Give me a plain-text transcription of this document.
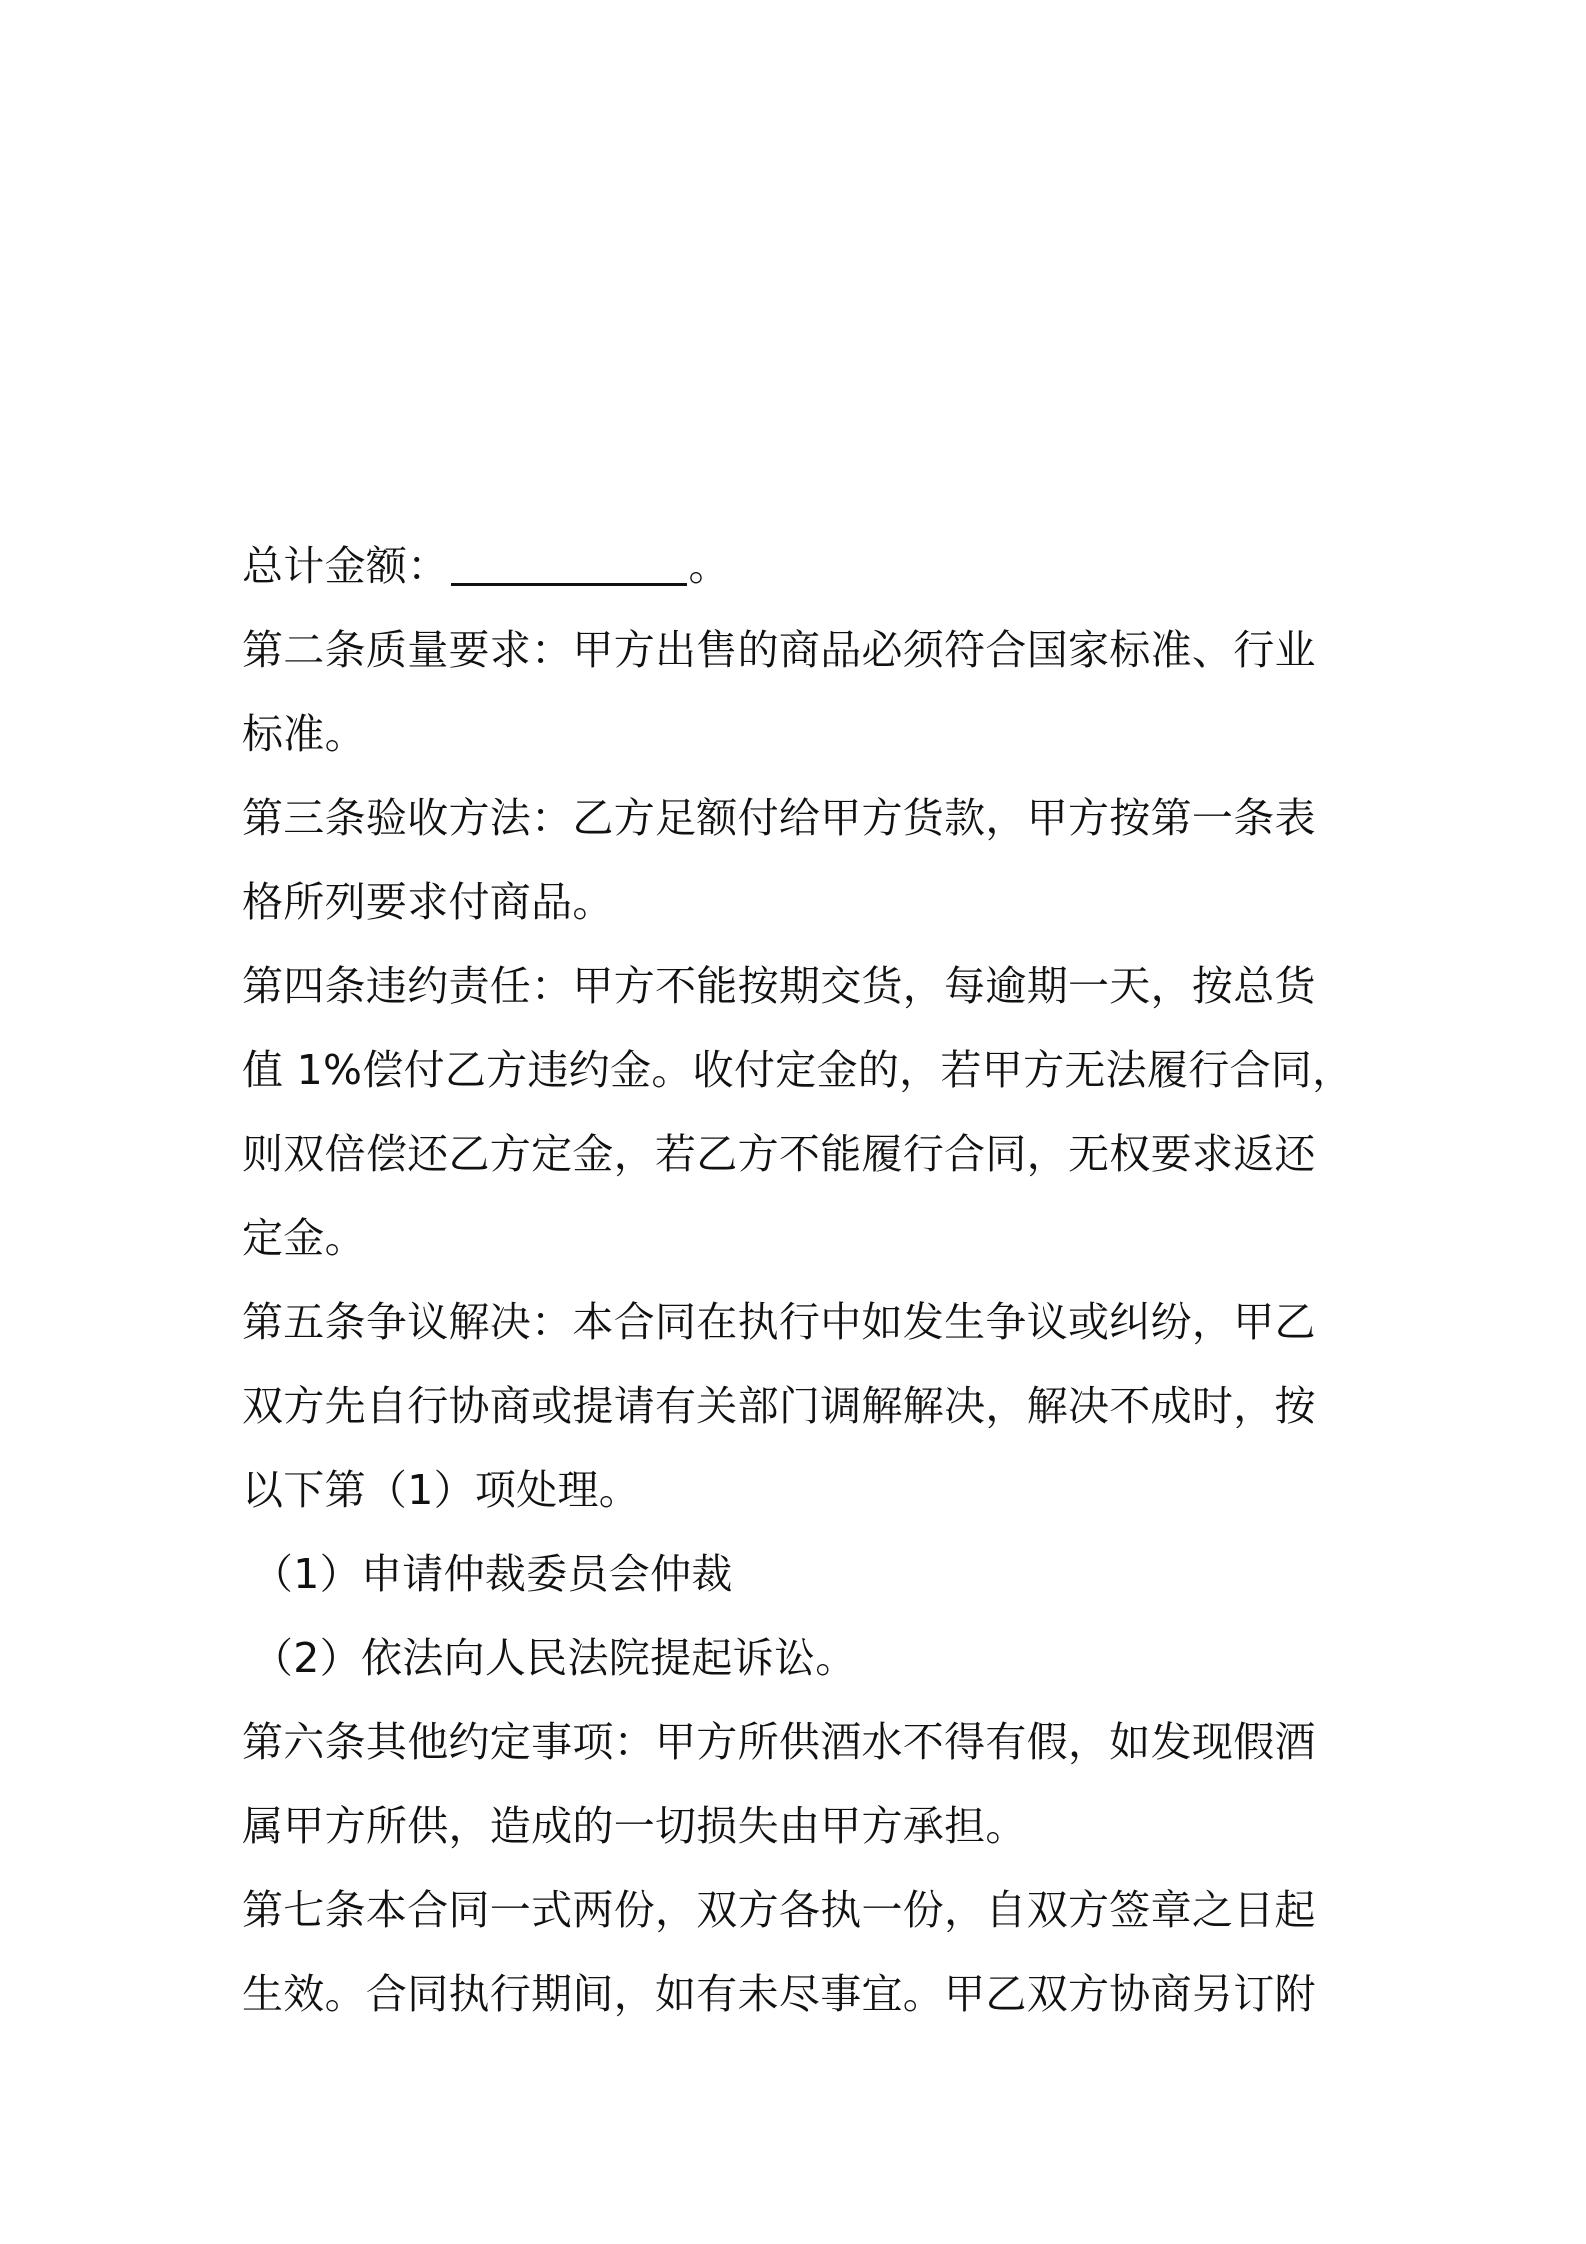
总计金额：	。
第二条质量要求：甲方出售的商品必须符合国家标准、行业
标准。
第三条验收方法：乙方足额付给甲方货款，甲方按第一条表
格所列要求付商品。
第四条违约责任：甲方不能按期交货，每逾期一天，按总货
值 1%偿付乙方违约金。收付定金的，若甲方无法履行合同，
则双倍偿还乙方定金，若乙方不能履行合同，无权要求返还
定金。
第五条争议解决：本合同在执行中如发生争议或纠纷，甲乙
双方先自行协商或提请有关部门调解解决，解决不成时，按
以下第（1）项处理。
（1）申请仲裁委员会仲裁
（2）依法向人民法院提起诉讼。
第六条其他约定事项：甲方所供酒水不得有假，如发现假酒
属甲方所供，造成的一切损失由甲方承担。
第七条本合同一式两份，双方各执一份，自双方签章之日起
生效。合同执行期间，如有未尽事宜。甲乙双方协商另订附
